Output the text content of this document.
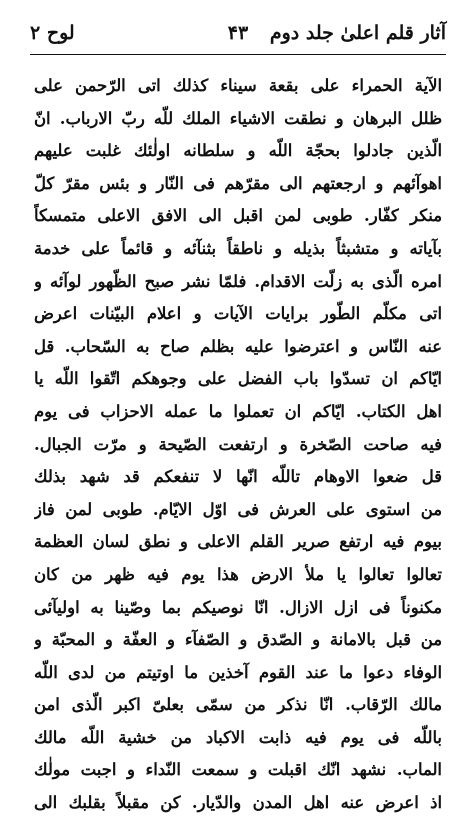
آثار قلم اعلیٰ جلد دوم
۴۳
لوح ۲
الآية الحمراء على بقعة سيناء كذلك اتى الرّحمن على
ظلل البرهان و نطقت الاشياء الملك للّه ربّ الارباب. انّ
الّذين جادلوا بحجّة اللّه و سلطانه اولٰئك غلبت عليهم
اهوآئهم و ارجعتهم الى مقرّهم فى النّار و بئس مقرّ كلّ
منكر كفّار. طوبى لمن اقبل الى الافق الاعلى متمسكاً
بآياته و متشبثاً بذيله و ناطقاً بثنآئه و قائماً على خدمة
امره الّذى به زلّت الاقدام. فلمّا نشر صبح الظّهور لوآئه و
اتى مكلّم الطّور برايات الآيات و اعلام البيّنات اعرض
عنه النّاس و اعترضوا عليه بظلم صاح به السّحاب. قل
ايّاكم ان تسدّوا باب الفضل على وجوهكم اتّقوا اللّه يا
اهل الكتاب. ايّاكم ان تعملوا ما عمله الاحزاب فى يوم
فيه صاحت الصّخرة و ارتفعت الصّيحة و مرّت الجبال.
قل ضعوا الاوهام تاللّه انّها لا تنفعكم قد شهد بذلك
من استوى على العرش فى اوّل الايّام. طوبى لمن فاز
بيوم فيه ارتفع صرير القلم الاعلى و نطق لسان العظمة
تعالوا تعالوا يا ملأ الارض هذا يوم فيه ظهر من كان
مكنوناً فى ازل الازال. انّا نوصيكم بما وصّينا به اوليآئى
من قبل بالامانة و الصّدق و الصّفآء و العفّة و المحبّة و
الوفاء دعوا ما عند القوم آخذين ما اوتيتم من لدى اللّه
مالك الرّقاب. انّا نذكر من سمّى بعلىّ اكبر الّذى امن
باللّه فى يوم فيه ذابت الاكباد من خشية اللّه مالك
الماب. نشهد انّك اقبلت و سمعت النّداء و اجبت مولٰك
اذ اعرض عنه اهل المدن والدّيار. كن مقبلاً بقلبك الى
